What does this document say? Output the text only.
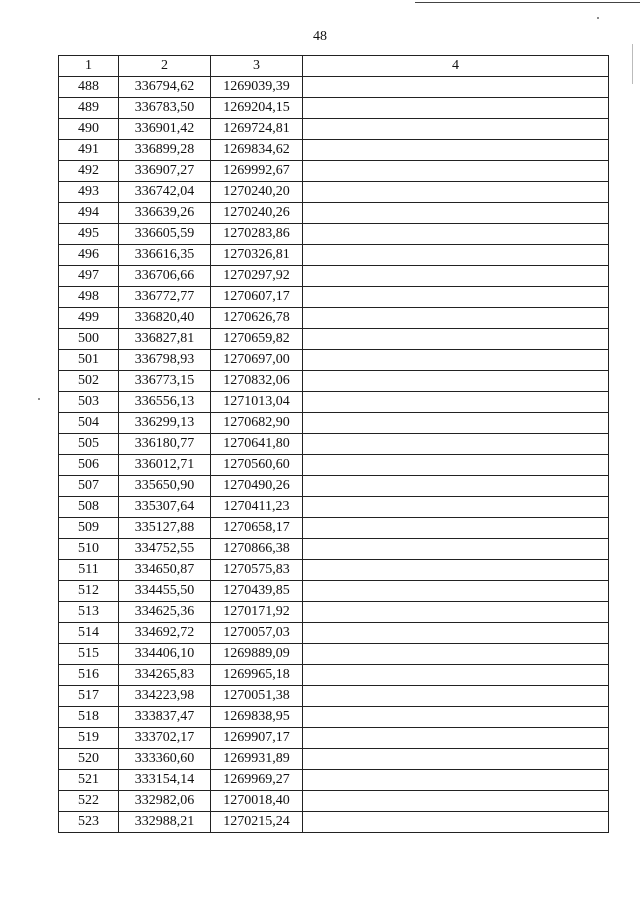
48
1	2	3	4
488	336794,62	1269039,39	
489	336783,50	1269204,15	
490	336901,42	1269724,81	
491	336899,28	1269834,62	
492	336907,27	1269992,67	
493	336742,04	1270240,20	
494	336639,26	1270240,26	
495	336605,59	1270283,86	
496	336616,35	1270326,81	
497	336706,66	1270297,92	
498	336772,77	1270607,17	
499	336820,40	1270626,78	
500	336827,81	1270659,82	
501	336798,93	1270697,00	
502	336773,15	1270832,06	
503	336556,13	1271013,04	
504	336299,13	1270682,90	
505	336180,77	1270641,80	
506	336012,71	1270560,60	
507	335650,90	1270490,26	
508	335307,64	1270411,23	
509	335127,88	1270658,17	
510	334752,55	1270866,38	
511	334650,87	1270575,83	
512	334455,50	1270439,85	
513	334625,36	1270171,92	
514	334692,72	1270057,03	
515	334406,10	1269889,09	
516	334265,83	1269965,18	
517	334223,98	1270051,38	
518	333837,47	1269838,95	
519	333702,17	1269907,17	
520	333360,60	1269931,89	
521	333154,14	1269969,27	
522	332982,06	1270018,40	
523	332988,21	1270215,24	
